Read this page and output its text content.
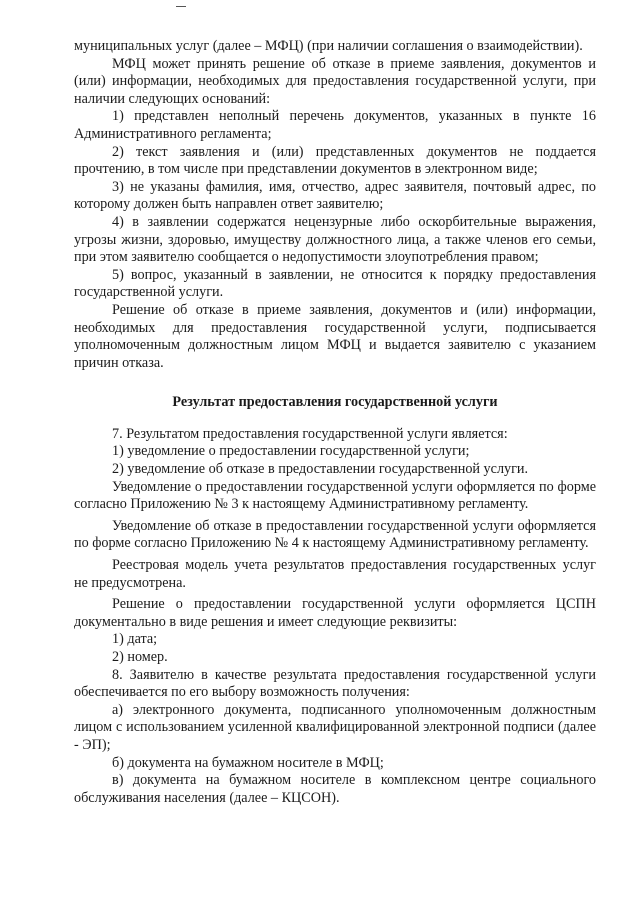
муниципальных услуг (далее – МФЦ) (при наличии соглашения о взаимодействии).

МФЦ может принять решение об отказе в приеме заявления, документов и (или) информации, необходимых для предоставления государственной услуги, при наличии следующих оснований:

1) представлен неполный перечень документов, указанных в пункте 16 Административного регламента;

2) текст заявления и (или) представленных документов не поддается прочтению, в том числе при представлении документов в электронном виде;

3) не указаны фамилия, имя, отчество, адрес заявителя, почтовый адрес, по которому должен быть направлен ответ заявителю;

4) в заявлении содержатся нецензурные либо оскорбительные выражения, угрозы жизни, здоровью, имуществу должностного лица, а также членов его семьи, при этом заявителю сообщается о недопустимости злоупотребления правом;

5) вопрос, указанный в заявлении, не относится к порядку предоставления государственной услуги.

Решение об отказе в приеме заявления, документов и (или) информации, необходимых для предоставления государственной услуги, подписывается уполномоченным должностным лицом МФЦ и выдается заявителю с указанием причин отказа.

Результат предоставления государственной услуги

7. Результатом предоставления государственной услуги является:

1) уведомление о предоставлении государственной услуги;

2) уведомление об отказе в предоставлении государственной услуги.

Уведомление о предоставлении государственной услуги оформляется по форме согласно Приложению № 3 к настоящему Административному регламенту.

Уведомление об отказе в предоставлении государственной услуги оформляется по форме согласно Приложению № 4 к настоящему Административному регламенту.

Реестровая модель учета результатов предоставления государственных услуг не предусмотрена.

Решение о предоставлении государственной услуги оформляется ЦСПН документально в виде решения и имеет следующие реквизиты:

1) дата;

2) номер.

8. Заявителю в качестве результата предоставления государственной услуги обеспечивается по его выбору возможность получения:

а) электронного документа, подписанного уполномоченным должностным лицом с использованием усиленной квалифицированной электронной подписи (далее - ЭП);

б) документа на бумажном носителе в МФЦ;

в) документа на бумажном носителе в комплексном центре социального обслуживания населения (далее – КЦСОН).
